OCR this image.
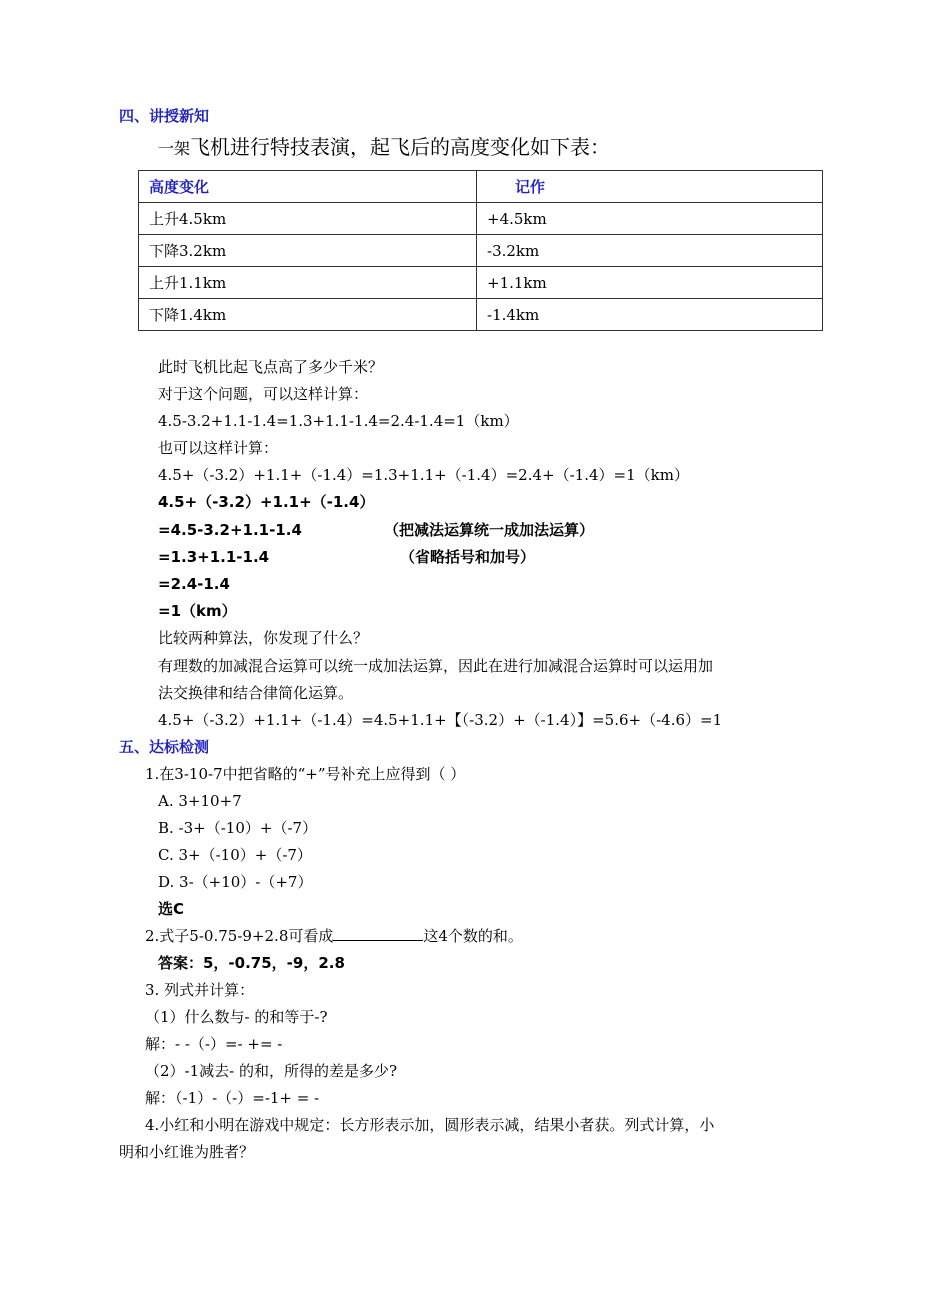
四、讲授新知
一架飞机进行特技表演，起飞后的高度变化如下表：
高度变化	记作
上升4.5km	+4.5km
下降3.2km	-3.2km
上升1.1km	+1.1km
下降1.4km	-1.4km
此时飞机比起飞点高了多少千米？
对于这个问题，可以这样计算：
4.5-3.2+1.1-1.4=1.3+1.1-1.4=2.4-1.4=1（km）
也可以这样计算：
4.5+（-3.2）+1.1+（-1.4）=1.3+1.1+（-1.4）=2.4+（-1.4）=1（km）
4.5+（-3.2）+1.1+（-1.4）
=4.5-3.2+1.1-1.4	（把减法运算统一成加法运算）
=1.3+1.1-1.4	（省略括号和加号）
=2.4-1.4
=1（km）
比较两种算法，你发现了什么？
有理数的加减混合运算可以统一成加法运算，因此在进行加减混合运算时可以运用加
法交换律和结合律简化运算。
4.5+（-3.2）+1.1+（-1.4）=4.5+1.1+【（-3.2）+（-1.4）】=5.6+（-4.6）=1
五、达标检测
1.在3-10-7中把省略的“+”号补充上应得到（ ）
A. 3+10+7
B. -3+（-10）+（-7）
C. 3+（-10）+（-7）
D. 3-（+10）-（+7）
选C
2.式子5-0.75-9+2.8可看成	这4个数的和。
答案：5，-0.75，-9，2.8
3. 列式并计算：
（1）什么数与- 的和等于-?
解：- -（-）=- += -
（2）-1减去- 的和，所得的差是多少?
解：（-1）-（-）=-1+ = -
4.小红和小明在游戏中规定：长方形表示加，圆形表示减，结果小者获。列式计算，小
明和小红谁为胜者？
